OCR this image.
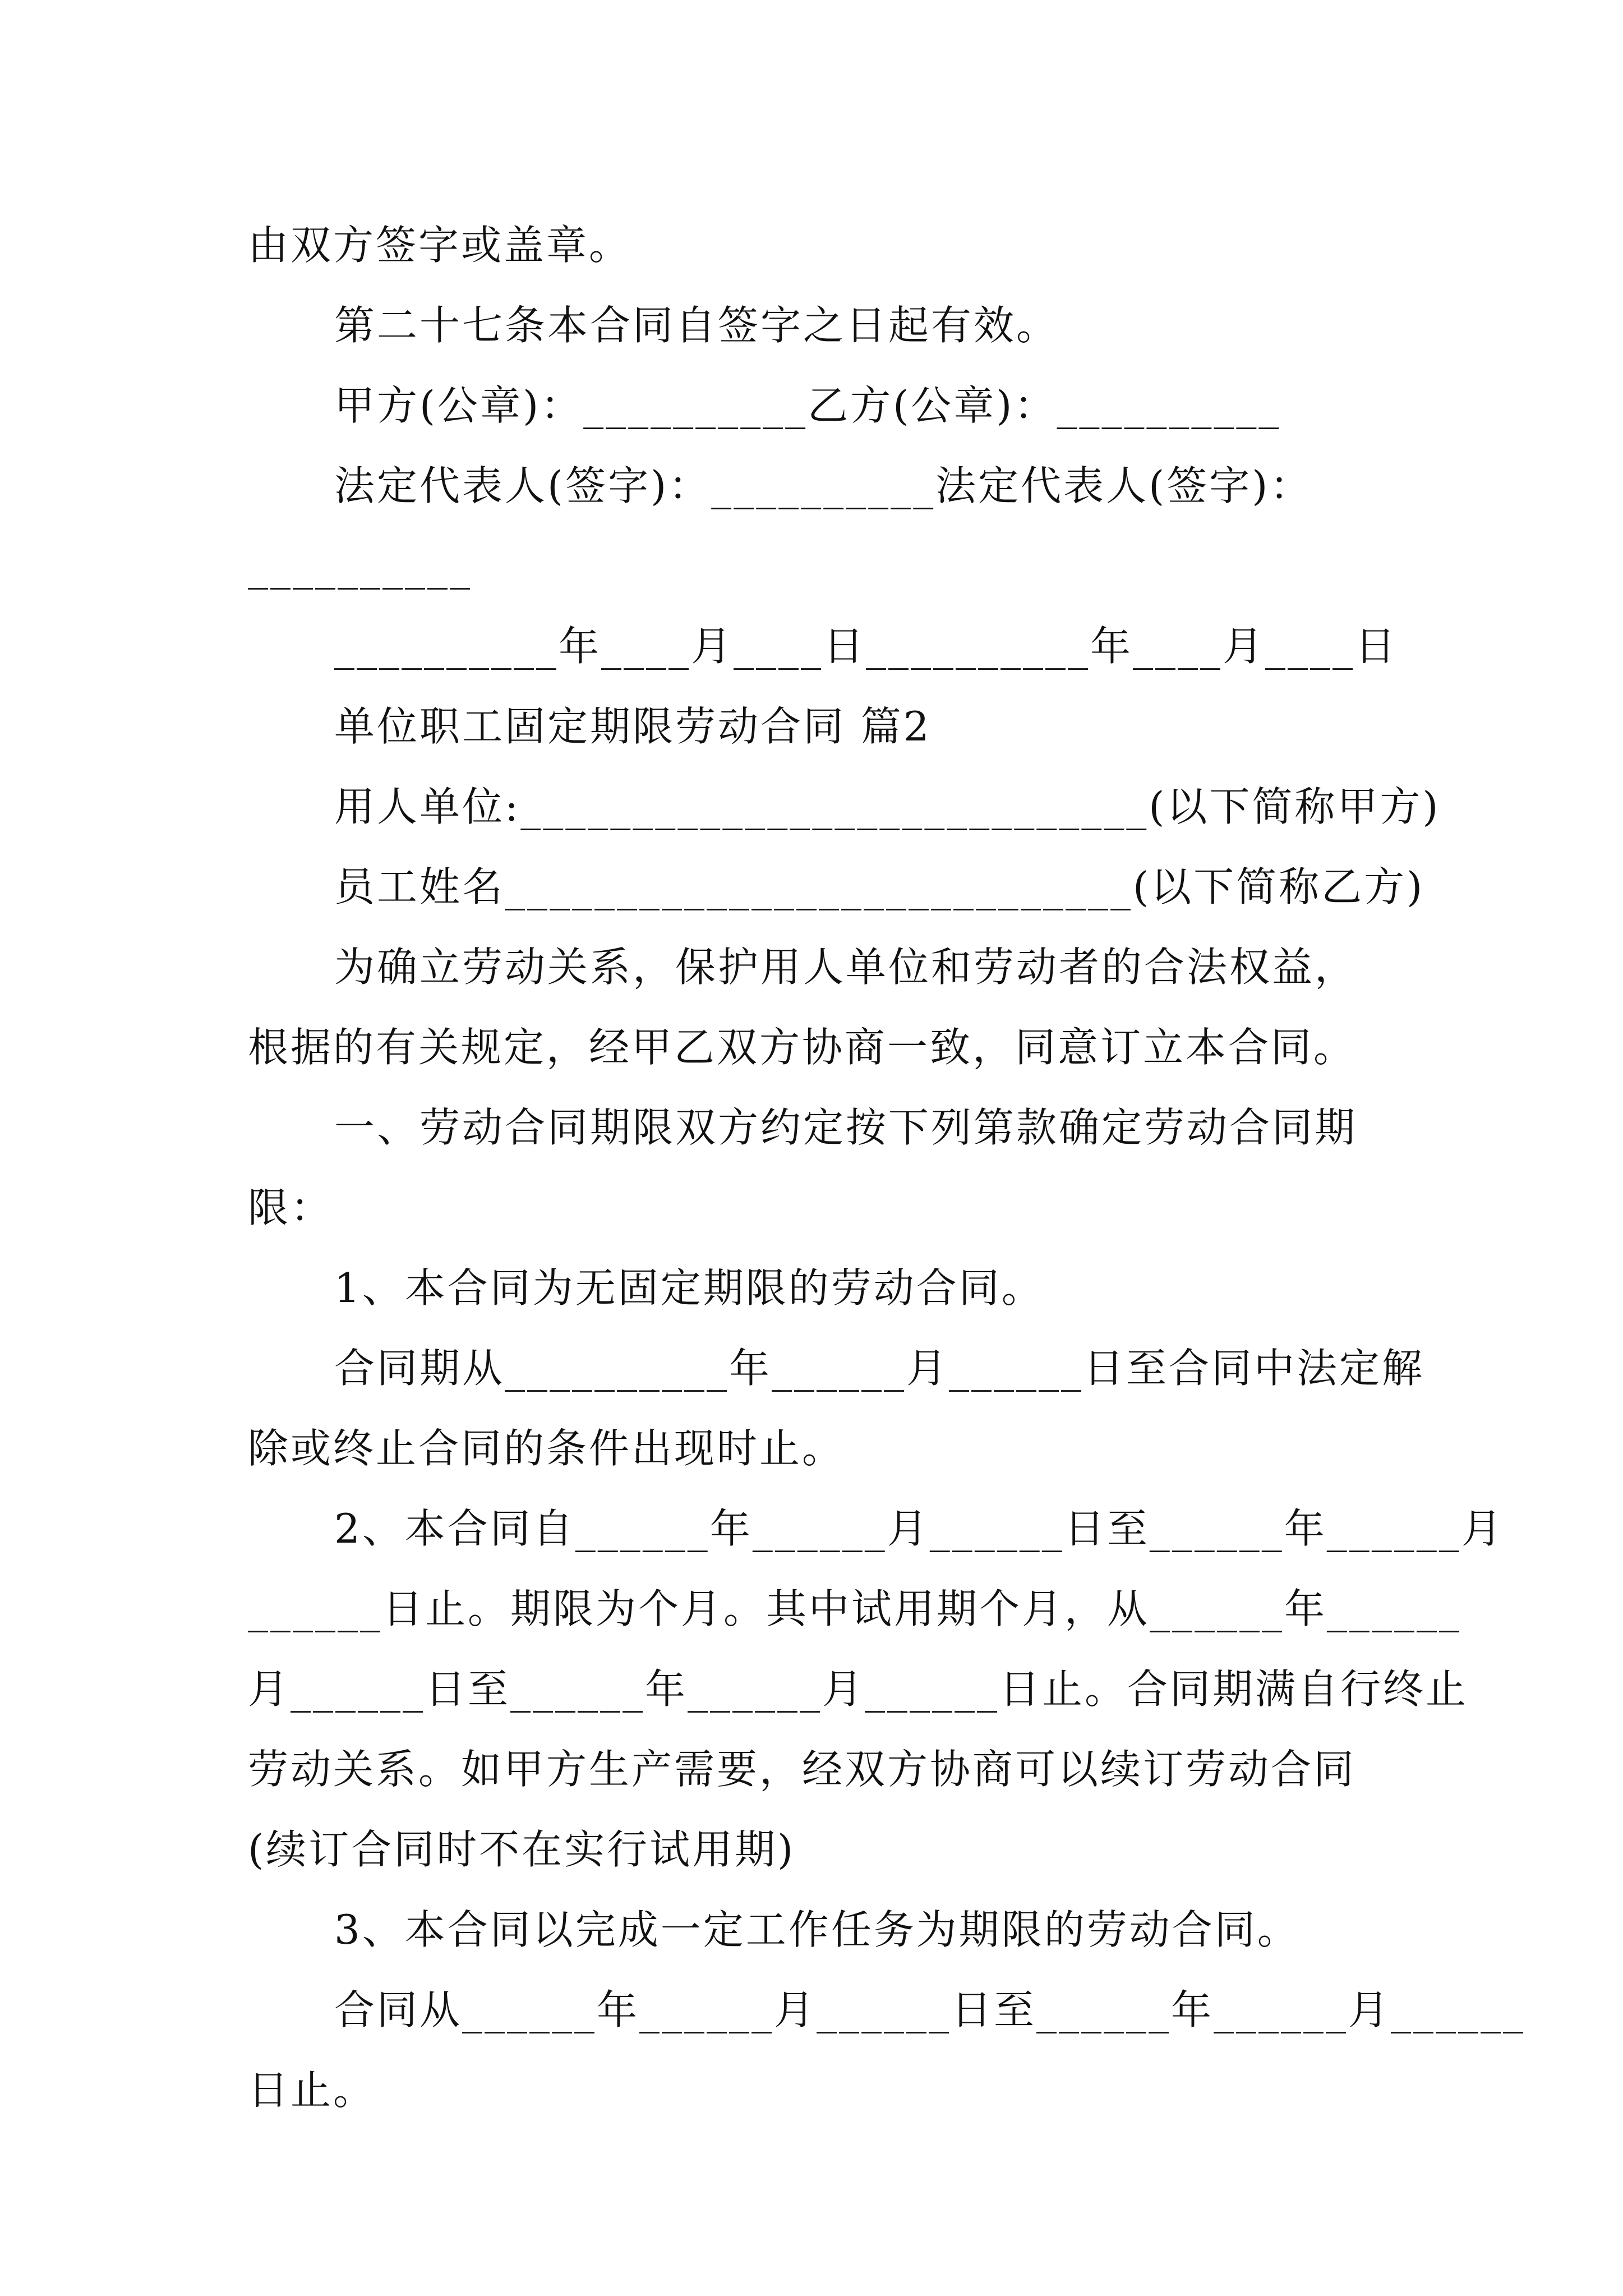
由双方签字或盖章。
第二十七条本合同自签字之日起有效。
甲方(公章)：__________乙方(公章)：__________
法定代表人(签字)：__________法定代表人(签字)：
__________
__________年____月____日__________年____月____日
单位职工固定期限劳动合同 篇2
用人单位:____________________________(以下简称甲方)
员工姓名____________________________(以下简称乙方)
为确立劳动关系，保护用人单位和劳动者的合法权益，
根据的有关规定，经甲乙双方协商一致，同意订立本合同。
一、劳动合同期限双方约定按下列第款确定劳动合同期
限：
1、本合同为无固定期限的劳动合同。
合同期从__________年______月______日至合同中法定解
除或终止合同的条件出现时止。
2、本合同自______年______月______日至______年______月
______日止。期限为个月。其中试用期个月，从______年______
月______日至______年______月______日止。合同期满自行终止
劳动关系。如甲方生产需要，经双方协商可以续订劳动合同
(续订合同时不在实行试用期)
3、本合同以完成一定工作任务为期限的劳动合同。
合同从______年______月______日至______年______月______
日止。
